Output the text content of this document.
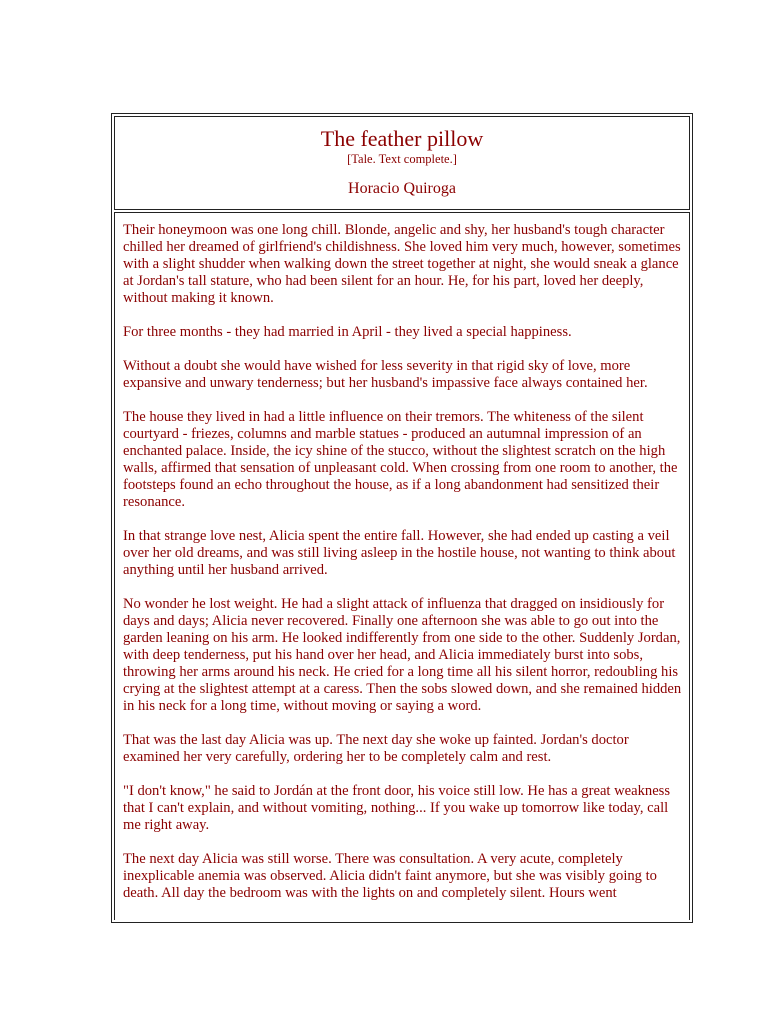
The feather pillow
[Tale. Text complete.]
Horacio Quiroga

Their honeymoon was one long chill. Blonde, angelic and shy, her husband's tough character chilled her dreamed of girlfriend's childishness. She loved him very much, however, sometimes with a slight shudder when walking down the street together at night, she would sneak a glance at Jordan's tall stature, who had been silent for an hour. He, for his part, loved her deeply, without making it known.

For three months - they had married in April - they lived a special happiness.

Without a doubt she would have wished for less severity in that rigid sky of love, more expansive and unwary tenderness; but her husband's impassive face always contained her.

The house they lived in had a little influence on their tremors. The whiteness of the silent courtyard - friezes, columns and marble statues - produced an autumnal impression of an enchanted palace. Inside, the icy shine of the stucco, without the slightest scratch on the high walls, affirmed that sensation of unpleasant cold. When crossing from one room to another, the footsteps found an echo throughout the house, as if a long abandonment had sensitized their resonance.

In that strange love nest, Alicia spent the entire fall. However, she had ended up casting a veil over her old dreams, and was still living asleep in the hostile house, not wanting to think about anything until her husband arrived.

No wonder he lost weight. He had a slight attack of influenza that dragged on insidiously for days and days; Alicia never recovered. Finally one afternoon she was able to go out into the garden leaning on his arm. He looked indifferently from one side to the other. Suddenly Jordan, with deep tenderness, put his hand over her head, and Alicia immediately burst into sobs, throwing her arms around his neck. He cried for a long time all his silent horror, redoubling his crying at the slightest attempt at a caress. Then the sobs slowed down, and she remained hidden in his neck for a long time, without moving or saying a word.

That was the last day Alicia was up. The next day she woke up fainted. Jordan's doctor examined her very carefully, ordering her to be completely calm and rest.

"I don't know," he said to Jordán at the front door, his voice still low. He has a great weakness that I can't explain, and without vomiting, nothing... If you wake up tomorrow like today, call me right away.

The next day Alicia was still worse. There was consultation. A very acute, completely inexplicable anemia was observed. Alicia didn't faint anymore, but she was visibly going to death. All day the bedroom was with the lights on and completely silent. Hours went
